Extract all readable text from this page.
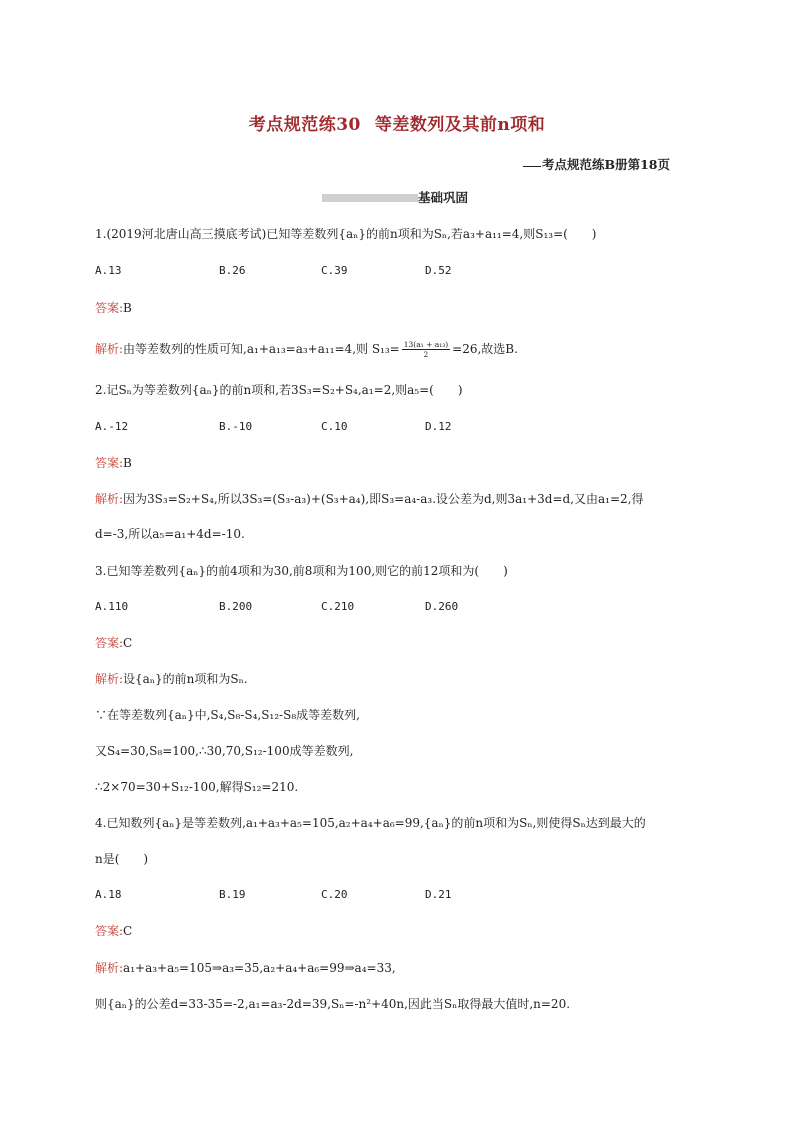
考点规范练30 等差数列及其前n项和
考点规范练B册第18页
基础巩固
1.(2019河北唐山高三摸底考试)已知等差数列{aₙ}的前n项和为Sₙ,若a₃+a₁₁=4,则S₁₃=(　　)
A.13	B.26	C.39	D.52
答案:B
解析:由等差数列的性质可知,a₁+a₁₃=a₃+a₁₁=4,则 $S_{13}= \frac{\text{13(a₁ + a₁₃)}}{2} =26$,故选B.
2.记Sₙ为等差数列{aₙ}的前n项和,若3S₃=S₂+S₄,a₁=2,则a₅=(　　)
A.-12	B.-10	C.10	D.12
答案:B
解析:因为3S₃=S₂+S₄,所以3S₃=(S₃-a₃)+(S₃+a₄),即S₃=a₄-a₃.设公差为d,则3a₁+3d=d,又由a₁=2,得
d=-3,所以a₅=a₁+4d=-10.
3.已知等差数列{aₙ}的前4项和为30,前8项和为100,则它的前12项和为(　　)
A.110	B.200	C.210	D.260
答案:C
解析:设{aₙ}的前n项和为Sₙ.
∵在等差数列{aₙ}中,S₄,S₈-S₄,S₁₂-S₈成等差数列,
又S₄=30,S₈=100,∴30,70,S₁₂-100成等差数列,
∴2×70=30+S₁₂-100,解得S₁₂=210.
4.已知数列{aₙ}是等差数列,a₁+a₃+a₅=105,a₂+a₄+a₆=99,{aₙ}的前n项和为Sₙ,则使得Sₙ达到最大的
n是(　　)
A.18	B.19	C.20	D.21
答案:C
解析:a₁+a₃+a₅=105⇒a₃=35,a₂+a₄+a₆=99⇒a₄=33,
则{aₙ}的公差d=33-35=-2,a₁=a₃-2d=39,Sₙ=-n²+40n,因此当Sₙ取得最大值时,n=20.
